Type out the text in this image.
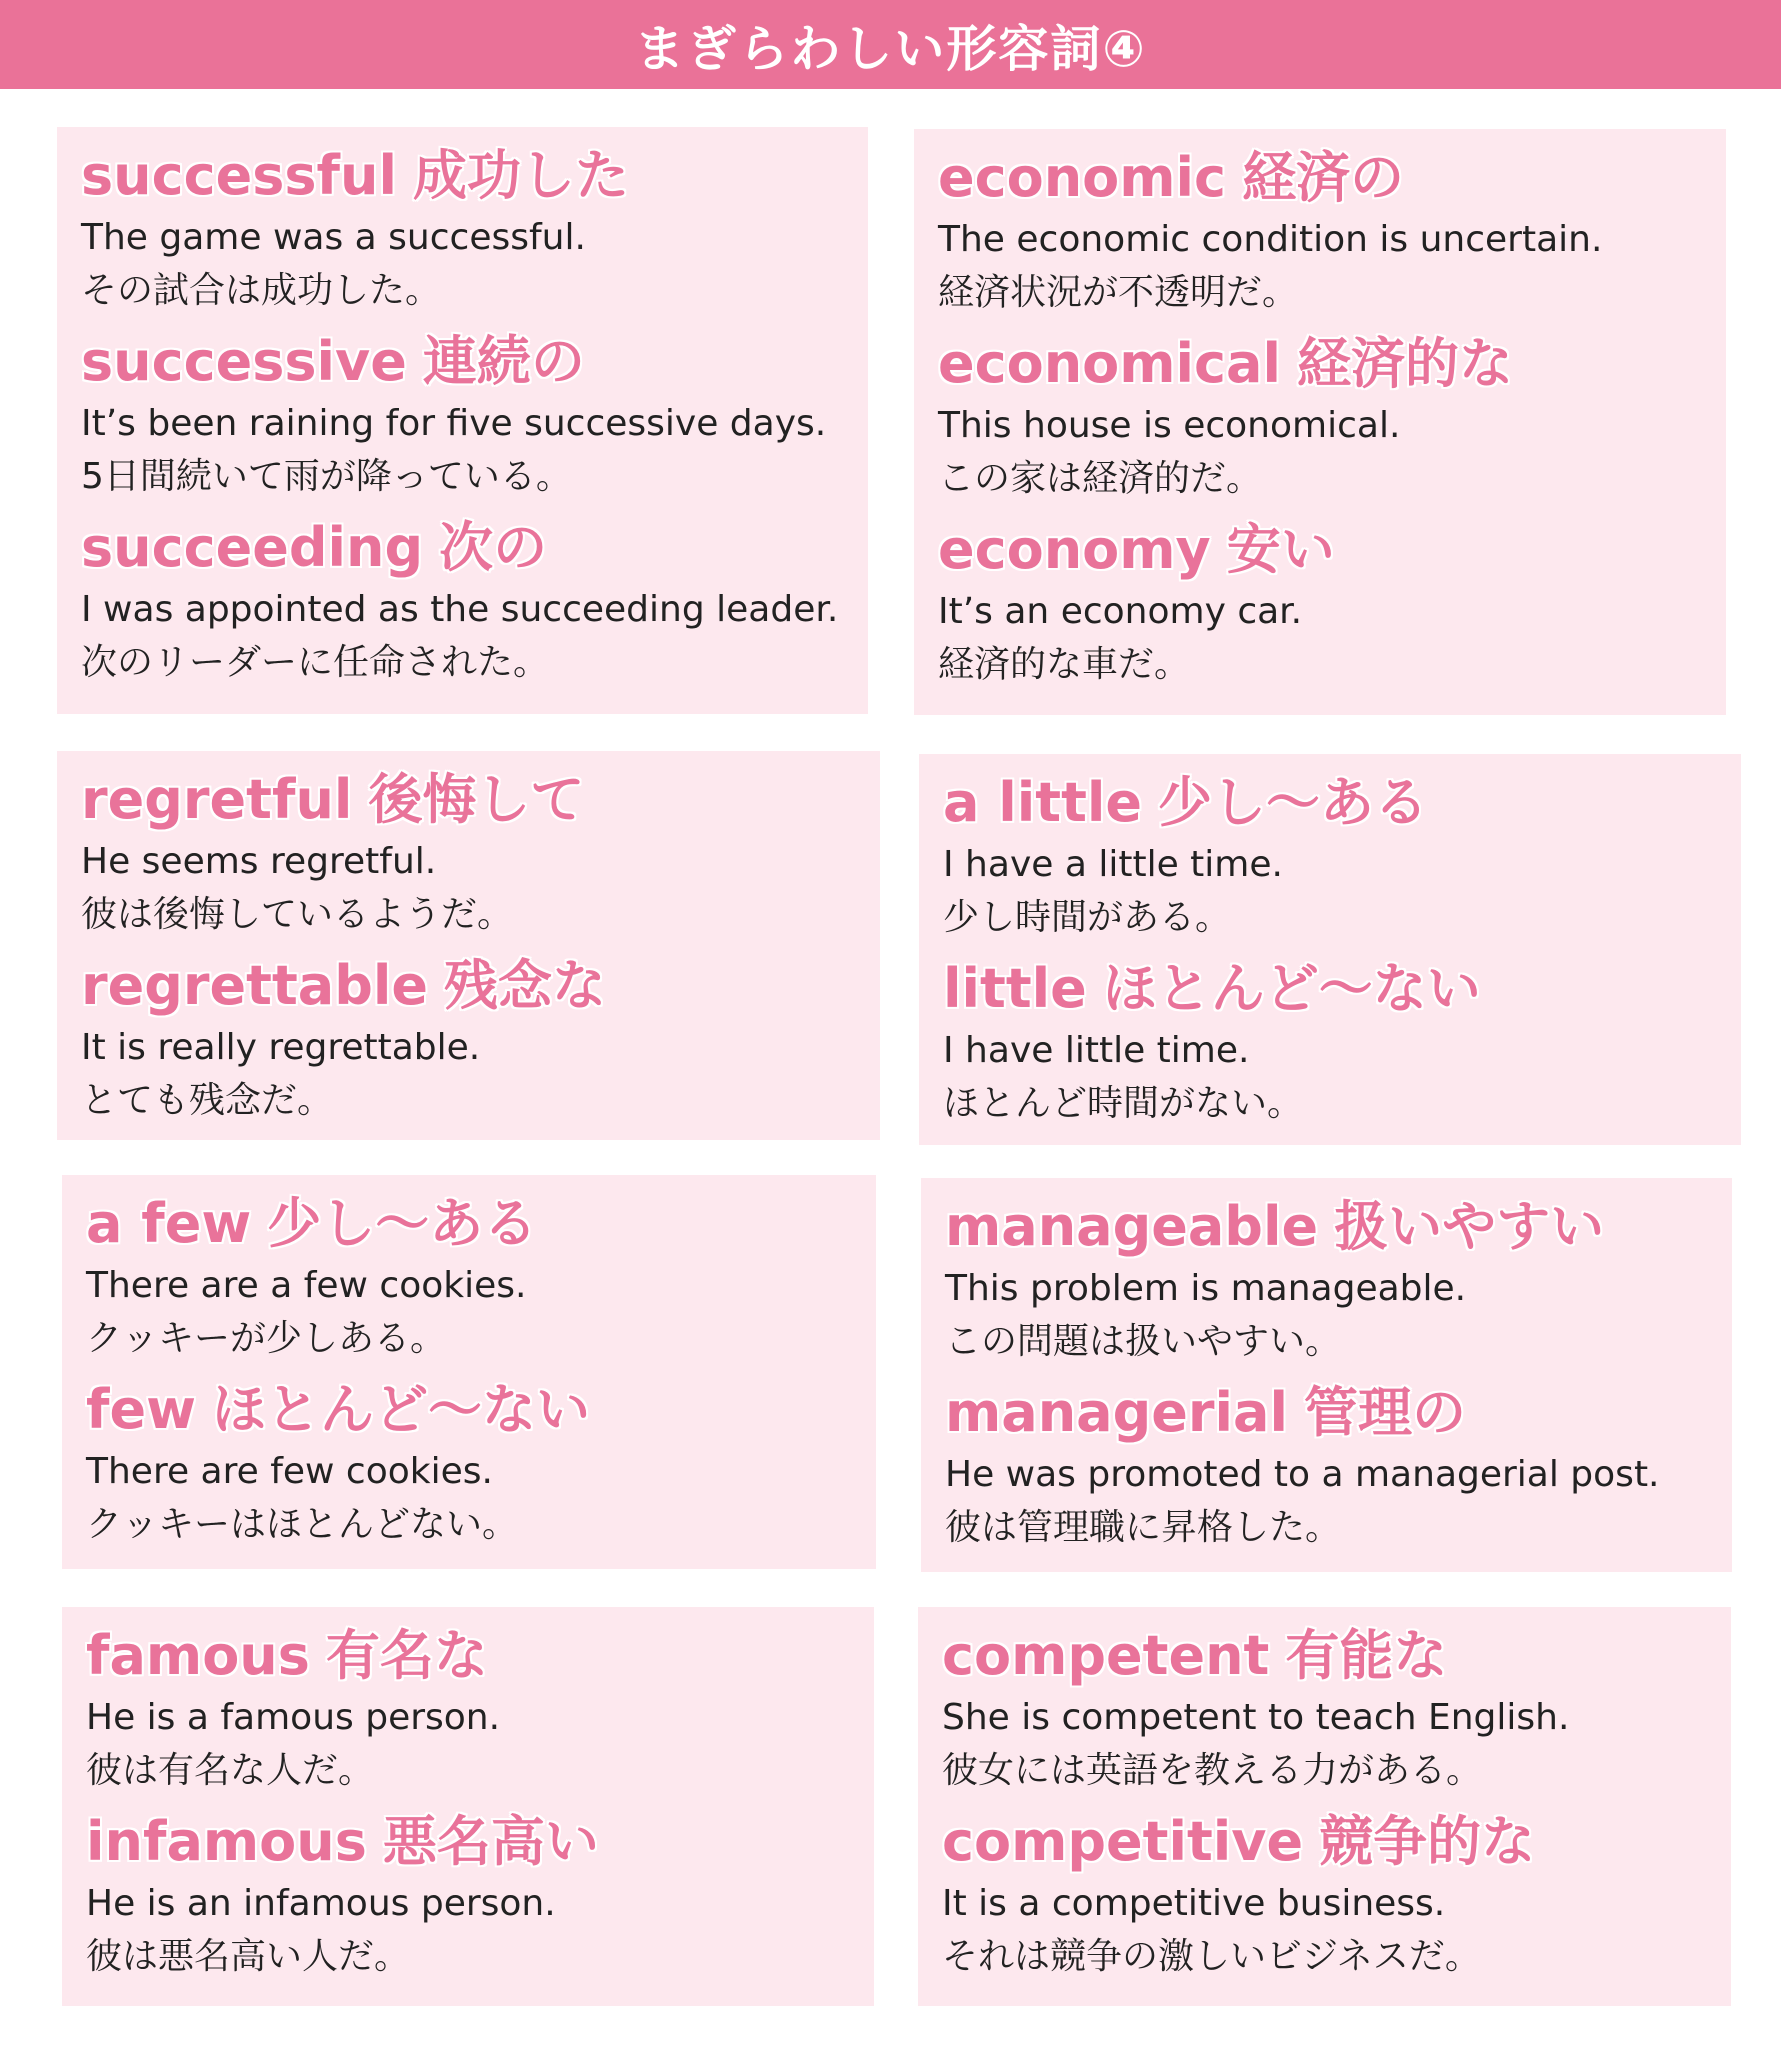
まぎらわしい形容詞④
successful 成功した
The game was a successful.
その試合は成功した。
successive 連続の
It’s been raining for five successive days.
5日間続いて雨が降っている。
succeeding 次の
I was appointed as the succeeding leader.
次のリーダーに任命された。
economic 経済の
The economic condition is uncertain.
経済状況が不透明だ。
economical 経済的な
This house is economical.
この家は経済的だ。
economy 安い
It’s an economy car.
経済的な車だ。
regretful 後悔して
He seems regretful.
彼は後悔しているようだ。
regrettable 残念な
It is really regrettable.
とても残念だ。
a little 少し〜ある
I have a little time.
少し時間がある。
little ほとんど〜ない
I have little time.
ほとんど時間がない。
a few 少し〜ある
There are a few cookies.
クッキーが少しある。
few ほとんど〜ない
There are few cookies.
クッキーはほとんどない。
manageable 扱いやすい
This problem is manageable.
この問題は扱いやすい。
managerial 管理の
He was promoted to a managerial post.
彼は管理職に昇格した。
famous 有名な
He is a famous person.
彼は有名な人だ。
infamous 悪名高い
He is an infamous person.
彼は悪名高い人だ。
competent 有能な
She is competent to teach English.
彼女には英語を教える力がある。
competitive 競争的な
It is a competitive business.
それは競争の激しいビジネスだ。
